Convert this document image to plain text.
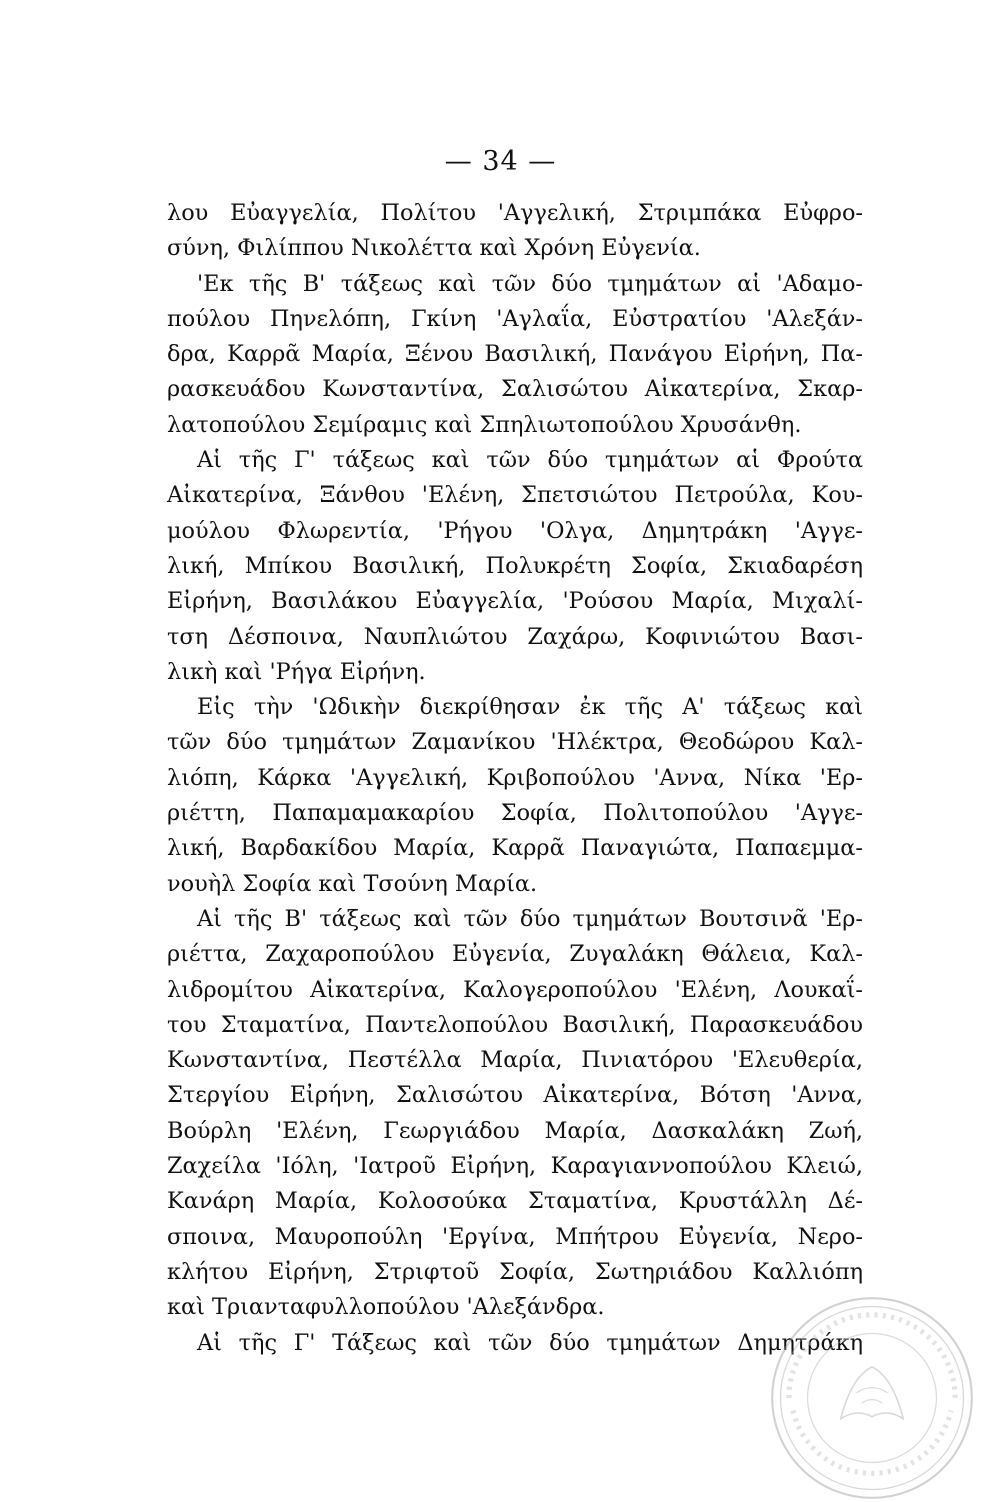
— 34 —
λου Εὐαγγελία, Πολίτου 'Αγγελική, Στριμπάκα Εὐφρο-
σύνη, Φιλίππου Νικολέττα καὶ Χρόνη Εὐγενία.
'Εκ τῆς Β' τάξεως καὶ τῶν δύο τμημάτων αἱ 'Αδαμο-
πούλου Πηνελόπη, Γκίνη 'Αγλαΐα, Εὐστρατίου 'Αλεξάν-
δρα, Καρρᾶ Μαρία, Ξένου Βασιλική, Πανάγου Εἰρήνη, Πα-
ρασκευάδου Κωνσταντίνα, Σαλισώτου Αἰκατερίνα, Σκαρ-
λατοπούλου Σεμίραμις καὶ Σπηλιωτοπούλου Χρυσάνθη.
Αἱ τῆς Γ' τάξεως καὶ τῶν δύο τμημάτων αἱ Φρούτα
Αἰκατερίνα, Ξάνθου 'Ελένη, Σπετσιώτου Πετρούλα, Κου-
μούλου Φλωρεντία, 'Ρήγου 'Ολγα, Δημητράκη 'Αγγε-
λική, Μπίκου Βασιλική, Πολυκρέτη Σοφία, Σκιαδαρέση
Εἰρήνη, Βασιλάκου Εὐαγγελία, 'Ρούσου Μαρία, Μιχαλί-
τση Δέσποινα, Ναυπλιώτου Ζαχάρω, Κοφινιώτου Βασι-
λικὴ καὶ 'Ρήγα Εἰρήνη.
Εἰς τὴν 'Ωδικὴν διεκρίθησαν ἐκ τῆς Α' τάξεως καὶ
τῶν δύο τμημάτων Ζαμανίκου 'Ηλέκτρα, Θεοδώρου Καλ-
λιόπη, Κάρκα 'Αγγελική, Κριβοπούλου 'Αννα, Νίκα 'Ερ-
ριέττη, Παπαμαμακαρίου Σοφία, Πολιτοπούλου 'Αγγε-
λική, Βαρδακίδου Μαρία, Καρρᾶ Παναγιώτα, Παπαεμμα-
νουὴλ Σοφία καὶ Τσούνη Μαρία.
Αἱ τῆς Β' τάξεως καὶ τῶν δύο τμημάτων Βουτσινᾶ 'Ερ-
ριέττα, Ζαχαροπούλου Εὐγενία, Ζυγαλάκη Θάλεια, Καλ-
λιδρομίτου Αἰκατερίνα, Καλογεροπούλου 'Ελένη, Λουκαΐ-
του Σταματίνα, Παντελοπούλου Βασιλική, Παρασκευάδου
Κωνσταντίνα, Πεστέλλα Μαρία, Πινιατόρου 'Ελευθερία,
Στεργίου Εἰρήνη, Σαλισώτου Αἰκατερίνα, Βότση 'Αννα,
Βούρλη 'Ελένη, Γεωργιάδου Μαρία, Δασκαλάκη Ζωή,
Ζαχείλα 'Ιόλη, 'Ιατροῦ Εἰρήνη, Καραγιαννοπούλου Κλειώ,
Κανάρη Μαρία, Κολοσούκα Σταματίνα, Κρυστάλλη Δέ-
σποινα, Μαυροπούλη 'Εργίνα, Μπήτρου Εὐγενία, Νερο-
κλήτου Εἰρήνη, Στριφτοῦ Σοφία, Σωτηριάδου Καλλιόπη
καὶ Τριανταφυλλοπούλου 'Αλεξάνδρα.
Αἱ τῆς Γ' Τάξεως καὶ τῶν δύο τμημάτων Δημητράκη
